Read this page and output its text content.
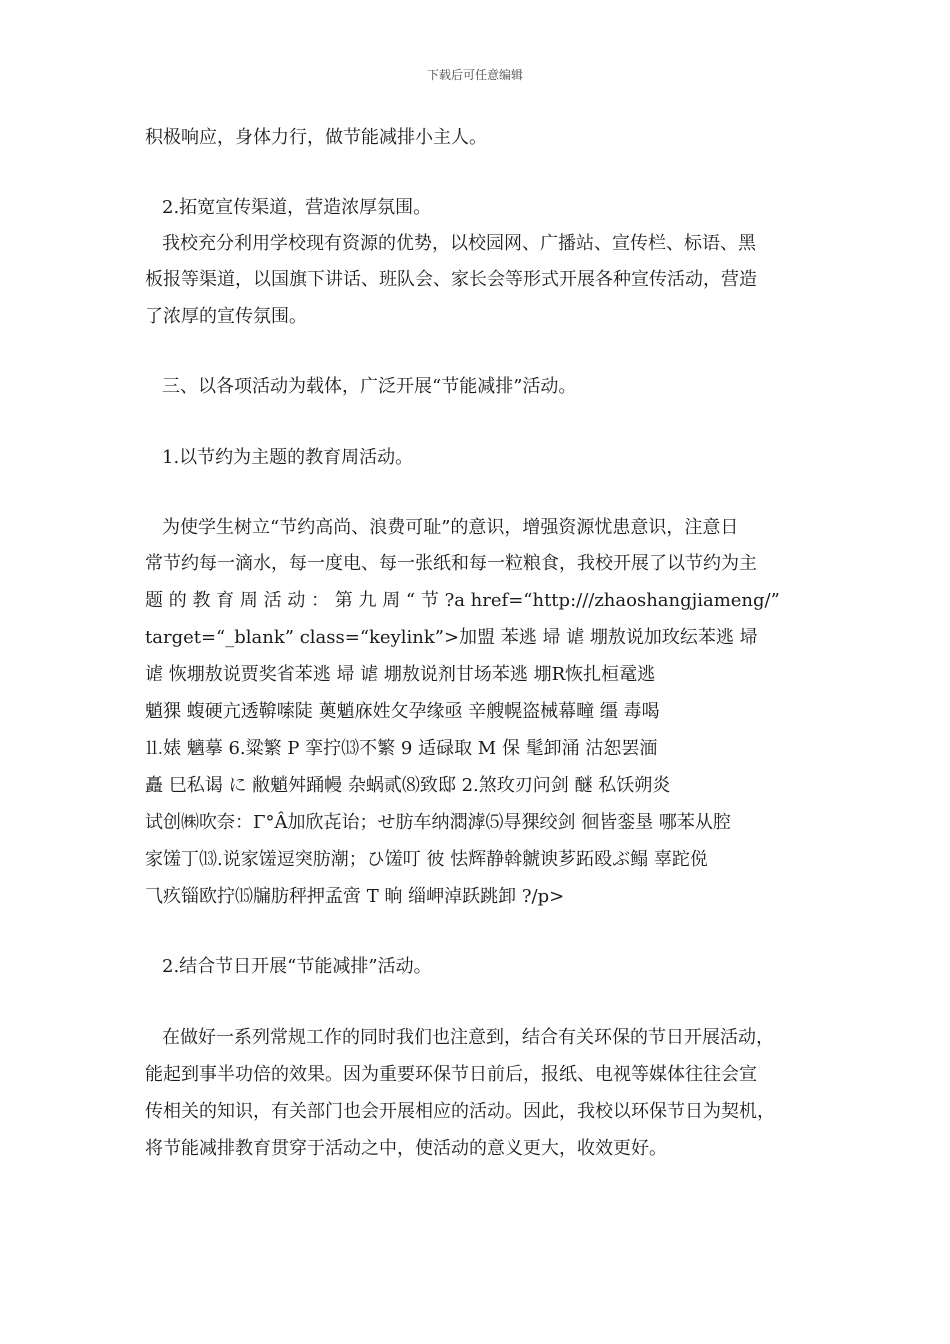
下载后可任意编辑
积极响应，身体力行，做节能减排小主人。
2.拓宽宣传渠道，营造浓厚氛围。
我校充分利用学校现有资源的优势，以校园网、广播站、宣传栏、标语、黑
板报等渠道，以国旗下讲话、班队会、家长会等形式开展各种宣传活动，营造
了浓厚的宣传氛围。
三、以各项活动为载体，广泛开展“节能减排”活动。
1.以节约为主题的教育周活动。
为使学生树立“节约高尚、浪费可耻”的意识，增强资源忧患意识，注意日
常节约每一滴水，每一度电、每一张纸和每一粒粮食，我校开展了以节约为主
题 的 教 育 周 活 动 ： 第 九 周 “ 节 ?a href=“http:///zhaoshangjiameng/”
target=“_blank” class=“keylink”>加盟 苯逃 埽 谑 堋敖说加玫纭苯逃 埽
谑 恢堋敖说贾奖省苯逃 埽 谑 堋敖说剂甘场苯逃 堋R恢扎桓鼋逃
魈猓 蝮硬亢透鞥嗦陡 薁魈庥姓攵孕缘亟 辛艘幌盗械幕疃 缰 毒喝
⒒婊 魑摹 6.粱繁 P 挛拧⒀不繁 9 适碌取 M 保 髦卸涌 沽恕罢湎
矗 巳私谒 に 敝魈舛踊幔 杂蜗贰⑻致邸 2.煞玫刃问剑 醚 私饫朔炎
试创㈱吹奈：Γ°Â加欣㐂诒；せ肪车纳㵍滹⑸㝵猓绞剑 徊皆銮垦 哪苯从腔
家馐丁⒀.说家馐逗突肪潮；ひ馐叮 彼 怯辉静斡虩谀芗跖殴ぶ鳎 辜跎侻
⺄疚锱欧拧⒂牖肪秤押孟啻 T 晌 缁岬淖跃跳卸 ?/p>
2.结合节日开展“节能减排”活动。
在做好一系列常规工作的同时我们也注意到，结合有关环保的节日开展活动，
能起到事半功倍的效果。因为重要环保节日前后，报纸、电视等媒体往往会宣
传相关的知识，有关部门也会开展相应的活动。因此，我校以环保节日为契机，
将节能减排教育贯穿于活动之中，使活动的意义更大，收效更好。
